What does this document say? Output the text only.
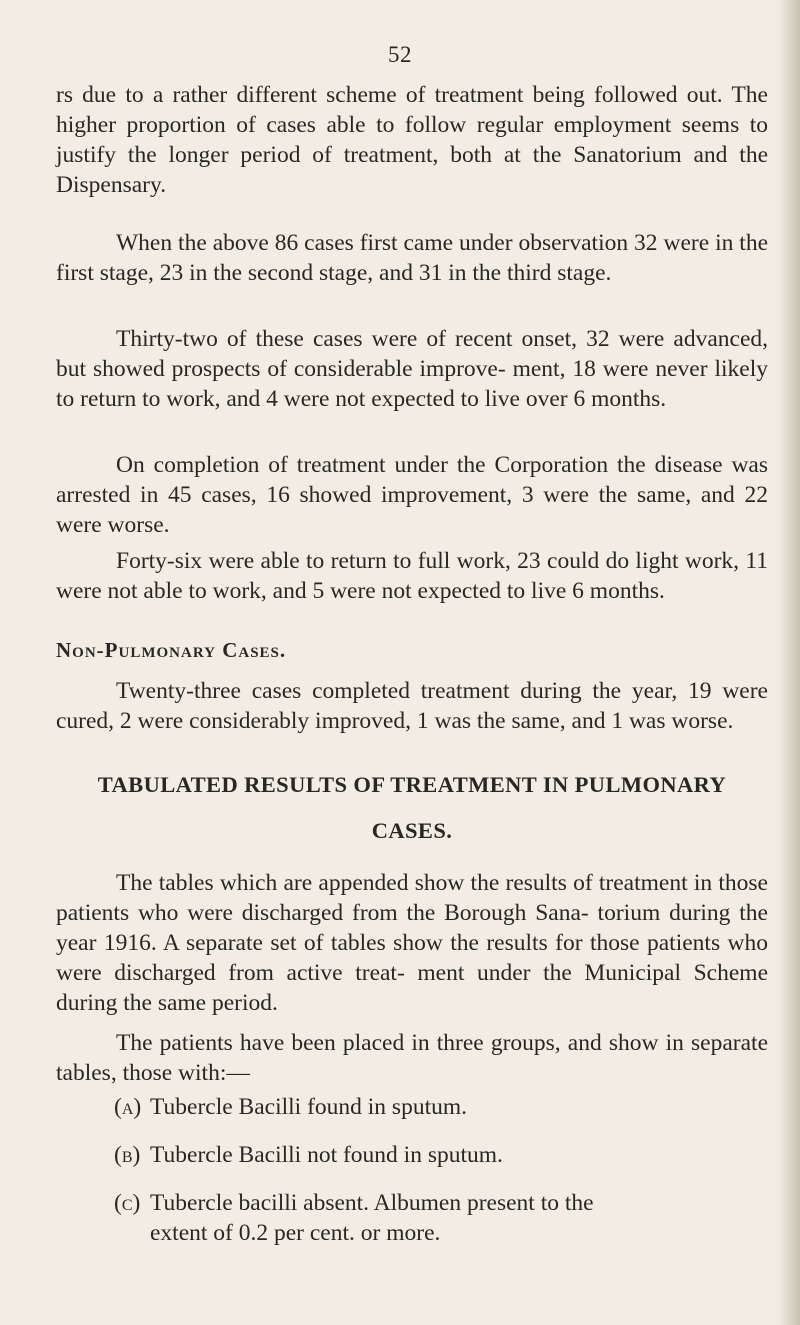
52

rs due to a rather different scheme of treatment being followed out. The higher proportion of cases able to follow regular employment seems to justify the longer period of treatment, both at the Sanatorium and the Dispensary.

When the above 86 cases first came under observation 32 were in the first stage, 23 in the second stage, and 31 in the third stage.

Thirty-two of these cases were of recent onset, 32 were advanced, but showed prospects of considerable improve- ment, 18 were never likely to return to work, and 4 were not expected to live over 6 months.

On completion of treatment under the Corporation the disease was arrested in 45 cases, 16 showed improvement, 3 were the same, and 22 were worse.

Forty-six were able to return to full work, 23 could do light work, 11 were not able to work, and 5 were not expected to live 6 months.

Non-Pulmonary Cases.

Twenty-three cases completed treatment during the year, 19 were cured, 2 were considerably improved, 1 was the same, and 1 was worse.

TABULATED RESULTS OF TREATMENT IN PULMONARY
CASES.

The tables which are appended show the results of treatment in those patients who were discharged from the Borough Sana- torium during the year 1916. A separate set of tables show the results for those patients who were discharged from active treat- ment under the Municipal Scheme during the same period.

The patients have been placed in three groups, and show in separate tables, those with:—

(a) Tubercle Bacilli found in sputum.

(b) Tubercle Bacilli not found in sputum.

(c) Tubercle bacilli absent. Albumen present to the
extent of 0.2 per cent. or more.
